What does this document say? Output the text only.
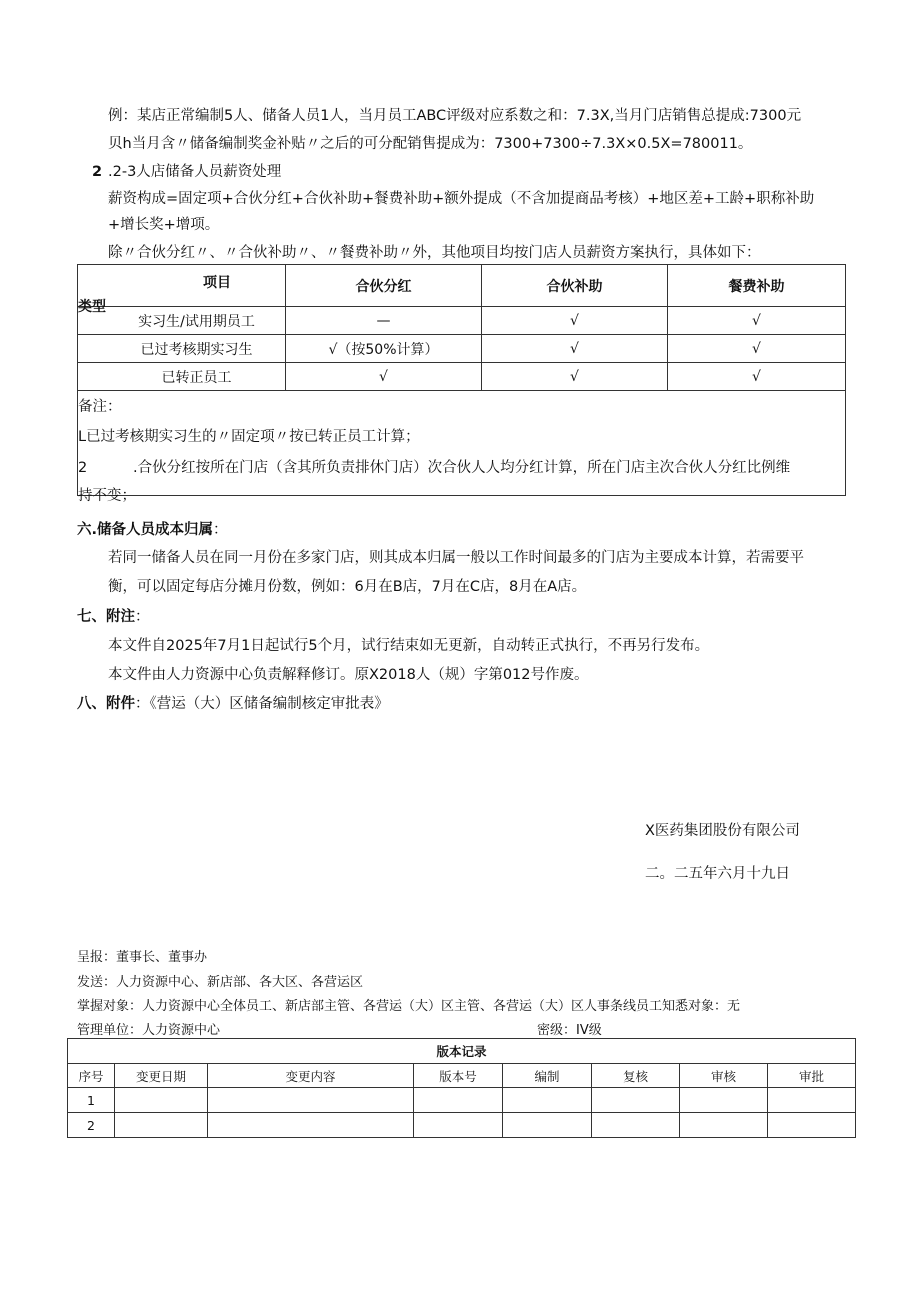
例：某店正常编制5人、储备人员1人，当月员工ABC评级对应系数之和：7.3X,当月门店销售总提成:7300元
贝h当月含〃储备编制奖金补贴〃之后的可分配销售提成为：7300+7300÷7.3X×0.5X=780011。
2 .2-3人店储备人员薪资处理
薪资构成=固定项+合伙分红+合伙补助+餐费补助+额外提成（不含加提商品考核）+地区差+工龄+职称补助
+增长奖+增项。
除〃合伙分红〃、〃合伙补助〃、〃餐费补助〃外，其他项目均按门店人员薪资方案执行，具体如下：
项目
类型	合伙分红	合伙补助	餐费补助
实习生/试用期员工	—	√	√
已过考核期实习生	√（按50%计算）	√	√
已转正员工	√	√	√

备注：
L已过考核期实习生的〃固定项〃按已转正员工计算；
2 .合伙分红按所在门店（含其所负责排休门店）次合伙人人均分红计算，所在门店主次合伙人分红比例维
持不变；			
六.储备人员成本归属：
若同一储备人员在同一月份在多家门店，则其成本归属一般以工作时间最多的门店为主要成本计算，若需要平
衡，可以固定每店分摊月份数，例如：6月在B店，7月在C店，8月在A店。
七、附注：
本文件自2025年7月1日起试行5个月，试行结束如无更新，自动转正式执行，不再另行发布。
本文件由人力资源中心负责解释修订。原X2018人（规）字第012号作废。
八、附件：《营运（大）区储备编制核定审批表》
X医药集团股份有限公司
二。二五年六月十九日
呈报：董事长、董事办
发送：人力资源中心、新店部、各大区、各营运区
掌握对象：人力资源中心全体员工、新店部主管、各营运（大）区主管、各营运（大）区人事条线员工知悉对象：无
管理单位：人力资源中心	密级：IV级
版本记录							
序号	变更日期	变更内容	版本号	编制	复核	审核	审批
1							
2							
